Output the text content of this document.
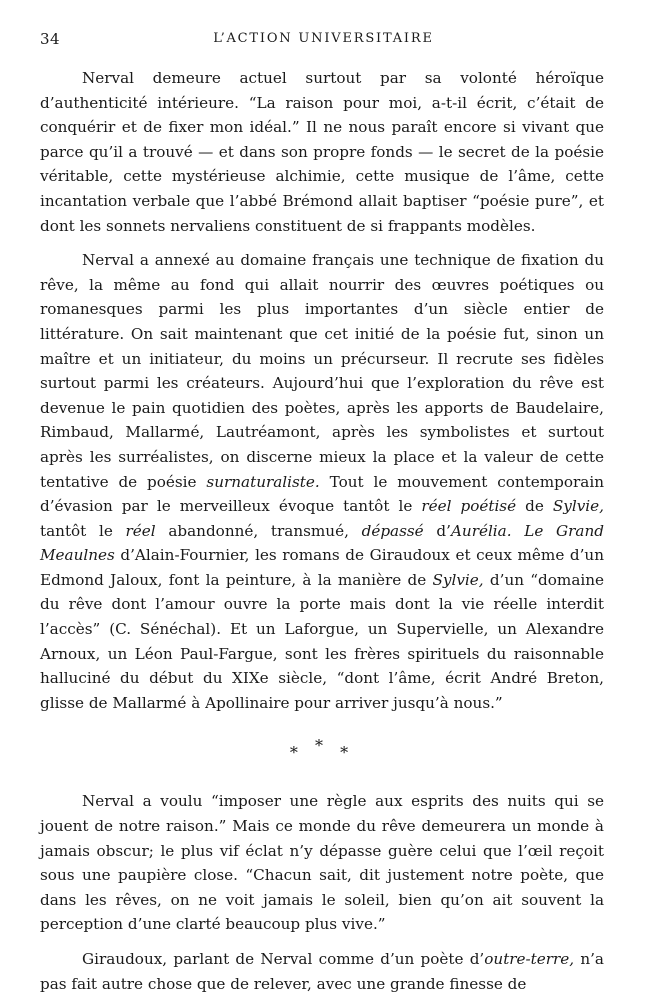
34	L’ACTION UNIVERSITAIRE

Nerval demeure actuel surtout par sa volonté héroïque d’authenticité intérieure. “La raison pour moi, a-t-il écrit, c’était de conquérir et de fixer mon idéal.” Il ne nous paraît encore si vivant que parce qu’il a trouvé — et dans son propre fonds — le secret de la poésie véritable, cette mystérieuse alchimie, cette musique de l’âme, cette incantation verbale que l’abbé Brémond allait baptiser “poésie pure”, et dont les sonnets nervaliens constituent de si frappants modèles.

Nerval a annexé au domaine français une technique de fixation du rêve, la même au fond qui allait nourrir des œuvres poétiques ou romanesques parmi les plus importantes d’un siècle entier de littérature. On sait maintenant que cet initié de la poésie fut, sinon un maître et un initiateur, du moins un précurseur. Il recrute ses fidèles surtout parmi les créateurs. Aujourd’hui que l’exploration du rêve est devenue le pain quotidien des poètes, après les apports de Baudelaire, Rimbaud, Mallarmé, Lautréamont, après les symbolistes et surtout après les surréalistes, on discerne mieux la place et la valeur de cette tentative de poésie surnaturaliste. Tout le mouvement contemporain d’évasion par le merveilleux évoque tantôt le réel poétisé de Sylvie, tantôt le réel abandonné, transmué, dépassé d’Aurélia. Le Grand Meaulnes d’Alain-Fournier, les romans de Giraudoux et ceux même d’un Edmond Jaloux, font la peinture, à la manière de Sylvie, d’un “domaine du rêve dont l’amour ouvre la porte mais dont la vie réelle interdit l’accès” (C. Sénéchal). Et un Laforgue, un Supervielle, un Alexandre Arnoux, un Léon Paul-Fargue, sont les frères spirituels du raisonnable halluciné du début du XIXe siècle, “dont l’âme, écrit André Breton, glisse de Mallarmé à Apollinaire pour arriver jusqu’à nous.”

* * *

Nerval a voulu “imposer une règle aux esprits des nuits qui se jouent de notre raison.” Mais ce monde du rêve demeurera un monde à jamais obscur; le plus vif éclat n’y dépasse guère celui que l’œil reçoit sous une paupière close. “Chacun sait, dit justement notre poète, que dans les rêves, on ne voit jamais le soleil, bien qu’on ait souvent la perception d’une clarté beaucoup plus vive.”

Giraudoux, parlant de Nerval comme d’un poète d’outre-terre, n’a pas fait autre chose que de relever, avec une grande finesse de
